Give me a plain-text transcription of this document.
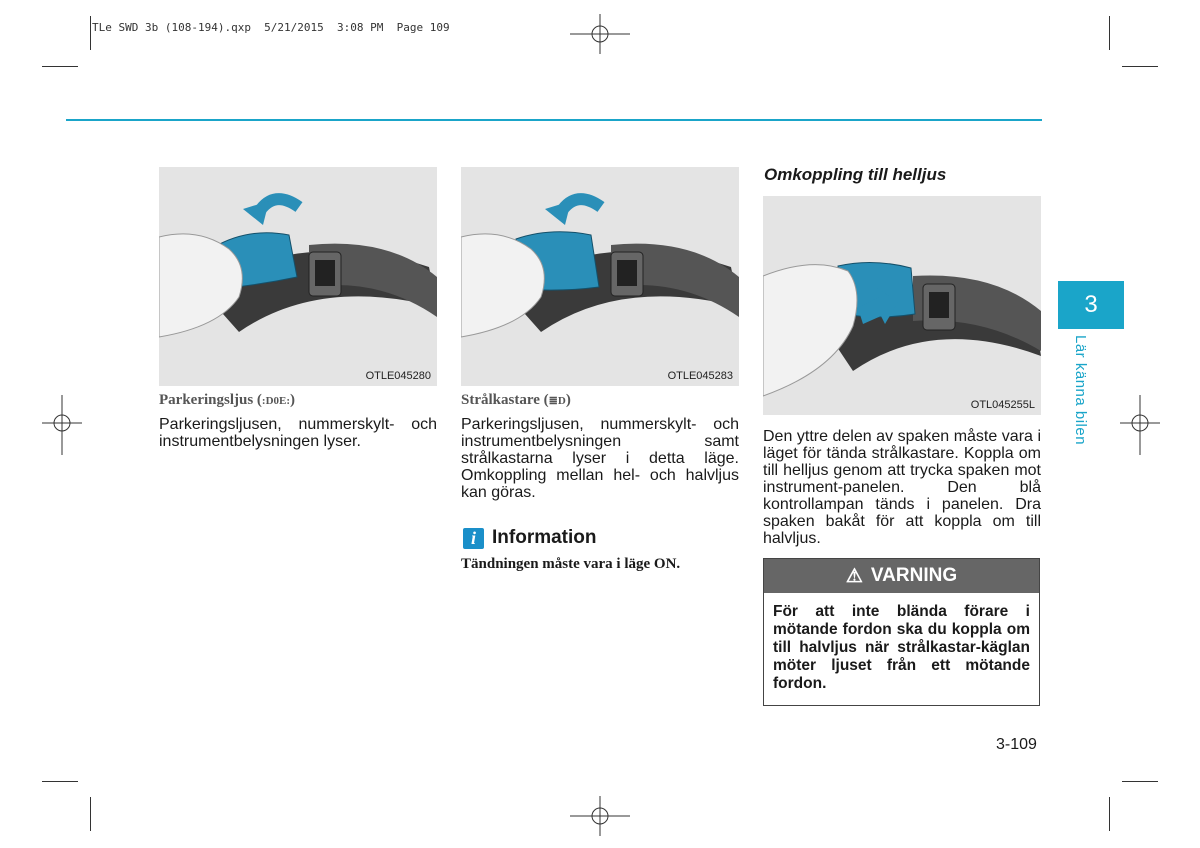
TLe SWD 3b (108-194).qxp  5/21/2015  3:08 PM  Page 109
OTLE045280
Parkeringsljus (:D0E:)
Parkeringsljusen, nummerskylt- och instrumentbelysningen lyser.
OTLE045283
Strålkastare (≣D)
Parkeringsljusen, nummerskylt- och instrumentbelysningen samt strålkastarna lyser i detta läge. Omkoppling mellan hel- och halvljus kan göras.
i Information
Tändningen måste vara i läge ON.
Omkoppling till helljus
OTL045255L
Den yttre delen av spaken måste vara i läget för tända strålkastare. Koppla om till helljus genom att trycka spaken mot instrument-panelen. Den blå kontrollampan tänds i panelen. Dra spaken bakåt för att koppla om till halvljus.
⚠ VARNING
För att inte blända förare i mötande fordon ska du koppla om till halvljus när strålkastar-käglan möter ljuset från ett mötande fordon.
3
Lär känna bilen
3-109
